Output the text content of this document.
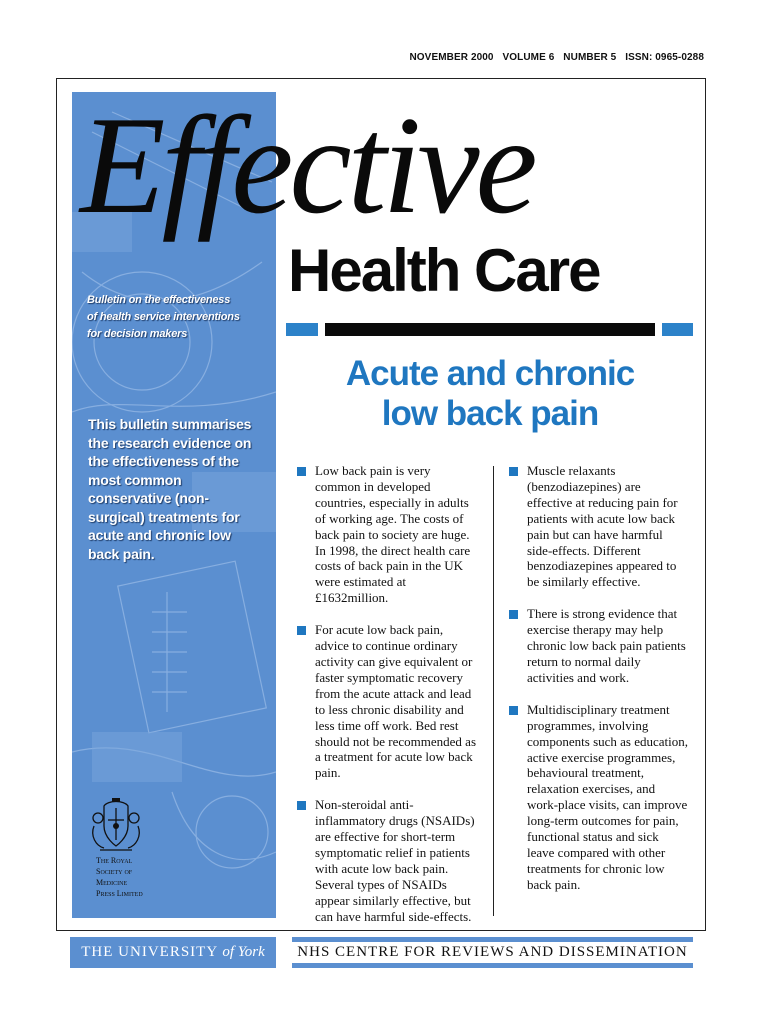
NOVEMBER 2000 VOLUME 6 NUMBER 5 ISSN: 0965-0288
Bulletin on the effectiveness
of health service interventions
for decision makers
This bulletin summarises the research evidence on the effectiveness of the most common conservative (non-surgical) treatments for acute and chronic low back pain.
The Royal
Society of
Medicine
Press Limited
Effective
Health Care
Acute and chronic
low back pain
Low back pain is very common in developed countries, especially in adults of working age. The costs of back pain to society are huge. In 1998, the direct health care costs of back pain in the UK were estimated at £1632million.
For acute low back pain, advice to continue ordinary activity can give equivalent or faster symptomatic recovery from the acute attack and lead to less chronic disability and less time off work. Bed rest should not be recommended as a treatment for acute low back pain.
Non-steroidal anti-inflammatory drugs (NSAIDs) are effective for short-term symptomatic relief in patients with acute low back pain. Several types of NSAIDs appear similarly effective, but can have harmful side-effects.
Muscle relaxants (benzodiazepines) are effective at reducing pain for patients with acute low back pain but can have harmful side-effects. Different benzodiazepines appeared to be similarly effective.
There is strong evidence that exercise therapy may help chronic low back pain patients return to normal daily activities and work.
Multidisciplinary treatment programmes, involving components such as education, active exercise programmes, behavioural treatment, relaxation exercises, and work-place visits, can improve long-term outcomes for pain, functional status and sick leave compared with other treatments for chronic low back pain.
THE UNIVERSITY of York	NHS CENTRE FOR REVIEWS AND DISSEMINATION
